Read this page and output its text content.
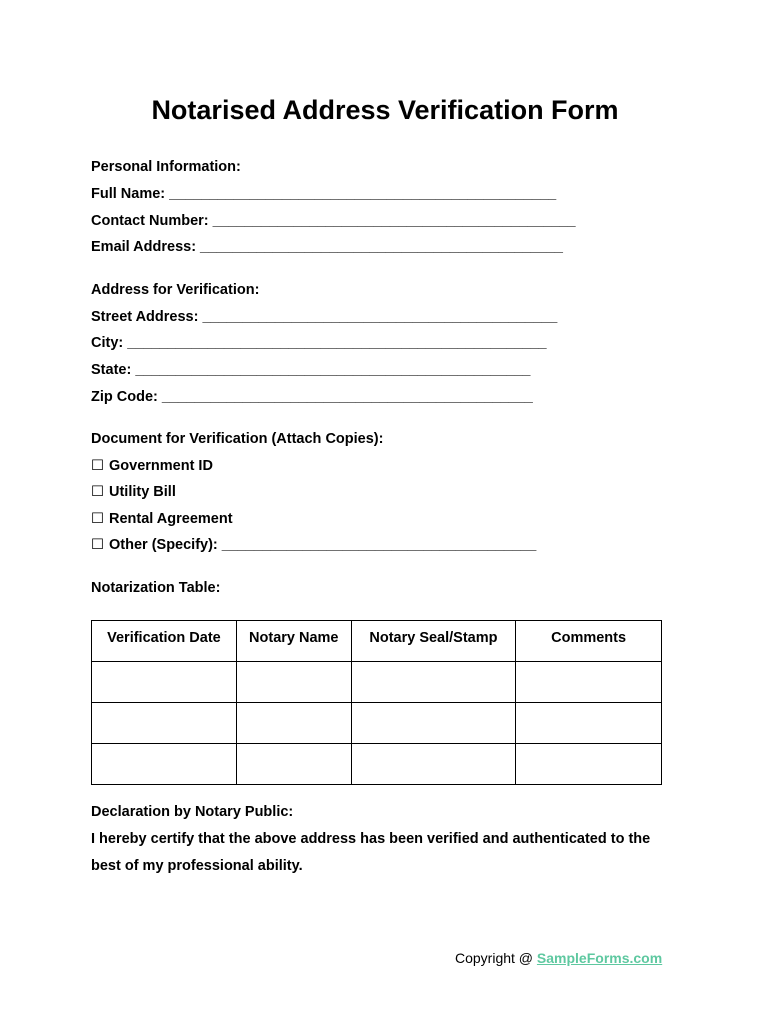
Notarised Address Verification Form
Personal Information:
Full Name: ________________________________________________
Contact Number: _____________________________________________
Email Address: _____________________________________________
Address for Verification:
Street Address: ____________________________________________
City: ____________________________________________________
State: _________________________________________________
Zip Code: ______________________________________________
Document for Verification (Attach Copies):
☐ Government ID
☐ Utility Bill
☐ Rental Agreement
☐ Other (Specify): _______________________________________
Notarization Table:
Verification Date	Notary Name	Notary Seal/Stamp	Comments

Declaration by Notary Public:
I hereby certify that the above address has been verified and authenticated to the
best of my professional ability.
Copyright @ SampleForms.com
